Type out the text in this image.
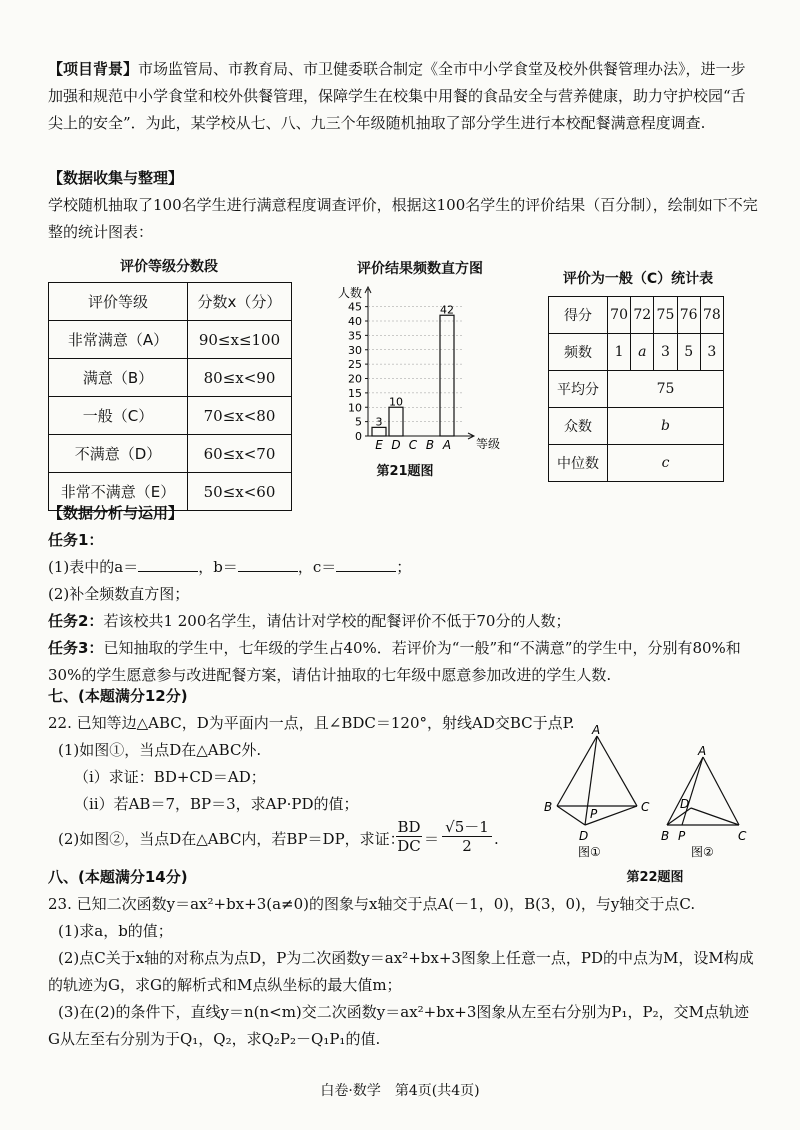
【项目背景】市场监管局、市教育局、市卫健委联合制定《全市中小学食堂及校外供餐管理办法》，进一步加强和规范中小学食堂和校外供餐管理，保障学生在校集中用餐的食品安全与营养健康，助力守护校园“舌尖上的安全”．为此，某学校从七、八、九三个年级随机抽取了部分学生进行本校配餐满意程度调查.

【数据收集与整理】
学校随机抽取了100名学生进行满意程度调查评价，根据这100名学生的评价结果（百分制），绘制如下不完整的统计图表：

评价等级分数段
评价等级	分数x（分）
非常满意（A）	90≤x≤100
满意（B）	80≤x<90
一般（C）	70≤x<80
不满意（D）	60≤x<70
非常不满意（E）	50≤x<60
评价结果频数直方图
人数
等级
0
5
10
15
20
25
30
35
40
45
3
E
10
D C B
42
A
第21题图
评价为一般（C）统计表
得分	70	72	75	76	78
频数	1	a	3	5	3
平均分	75				
众数	b				
中位数	c				

【数据分析与运用】
任务1：
(1)表中的a＝	，b＝	，c＝	；
(2)补全频数直方图；
任务2：若该校共1 200名学生，请估计对学校的配餐评价不低于70分的人数；
任务3：已知抽取的学生中，七年级的学生占40%．若评价为“一般”和“不满意”的学生中，分别有80%和30%的学生愿意参与改进配餐方案，请估计抽取的七年级中愿意参加改进的学生人数.

七、(本题满分12分)

22. 已知等边△ABC，D为平面内一点，且∠BDC＝120°，射线AD交BC于点P.

(1)如图①，当点D在△ABC外.

（ⅰ）求证：BD+CD＝AD；

（ⅱ）若AB＝7，BP＝3，求AP·PD的值；

(2)如图②，当点D在△ABC内，若BP＝DP，求证：
$\frac{BD}{DC} = \frac{√5-1}{2}$ .
A
B	P	C
D
图①
A
D
B P	C
图②
第22题图
八、(本题满分14分)

23. 已知二次函数y＝ax²+bx+3(a≠0)的图象与x轴交于点A(－1，0)，B(3，0)，与y轴交于点C.

(1)求a，b的值；

(2)点C关于x轴的对称点为点D，P为二次函数y＝ax²+bx+3图象上任意一点，PD的中点为M，设M构成的轨迹为G，求G的解析式和M点纵坐标的最大值m；

(3)在(2)的条件下，直线y＝n(n<m)交二次函数y＝ax²+bx+3图象从左至右分别为P₁，P₂，交M点轨迹G从左至右分别为于Q₁，Q₂，求Q₂P₂－Q₁P₁的值.

白卷·数学　第4页(共4页)
